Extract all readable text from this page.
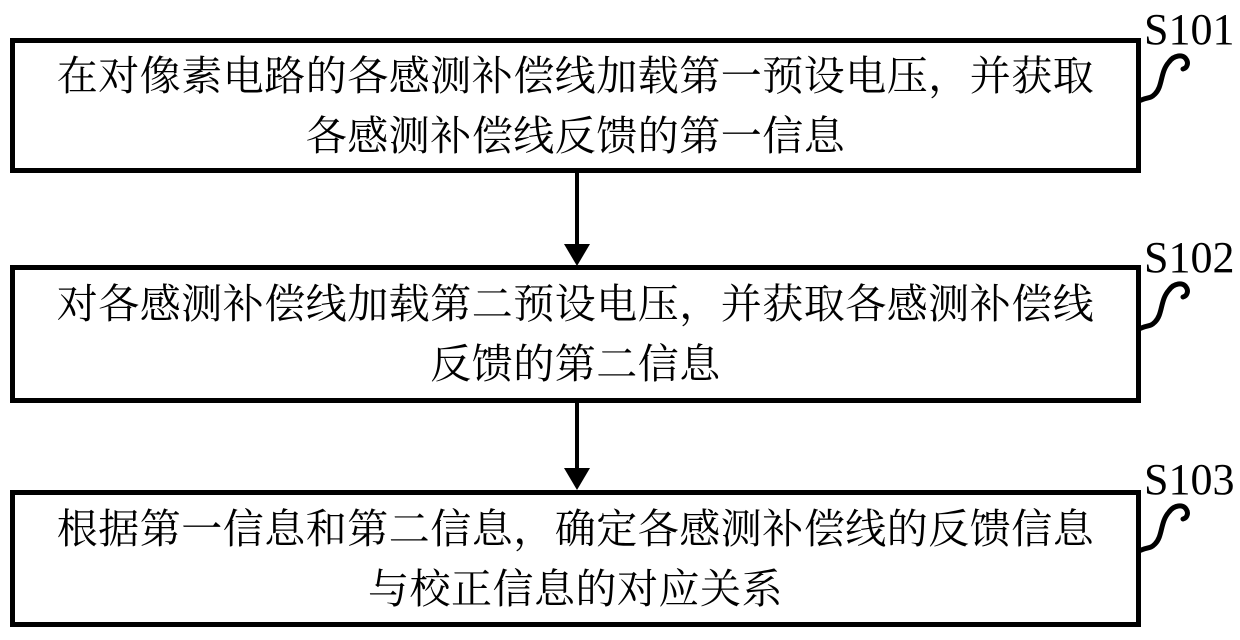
在对像素电路的各感测补偿线加载第一预设电压，并获取
各感测补偿线反馈的第一信息
S101
对各感测补偿线加载第二预设电压，并获取各感测补偿线
反馈的第二信息
S102
根据第一信息和第二信息，确定各感测补偿线的反馈信息
与校正信息的对应关系
S103
